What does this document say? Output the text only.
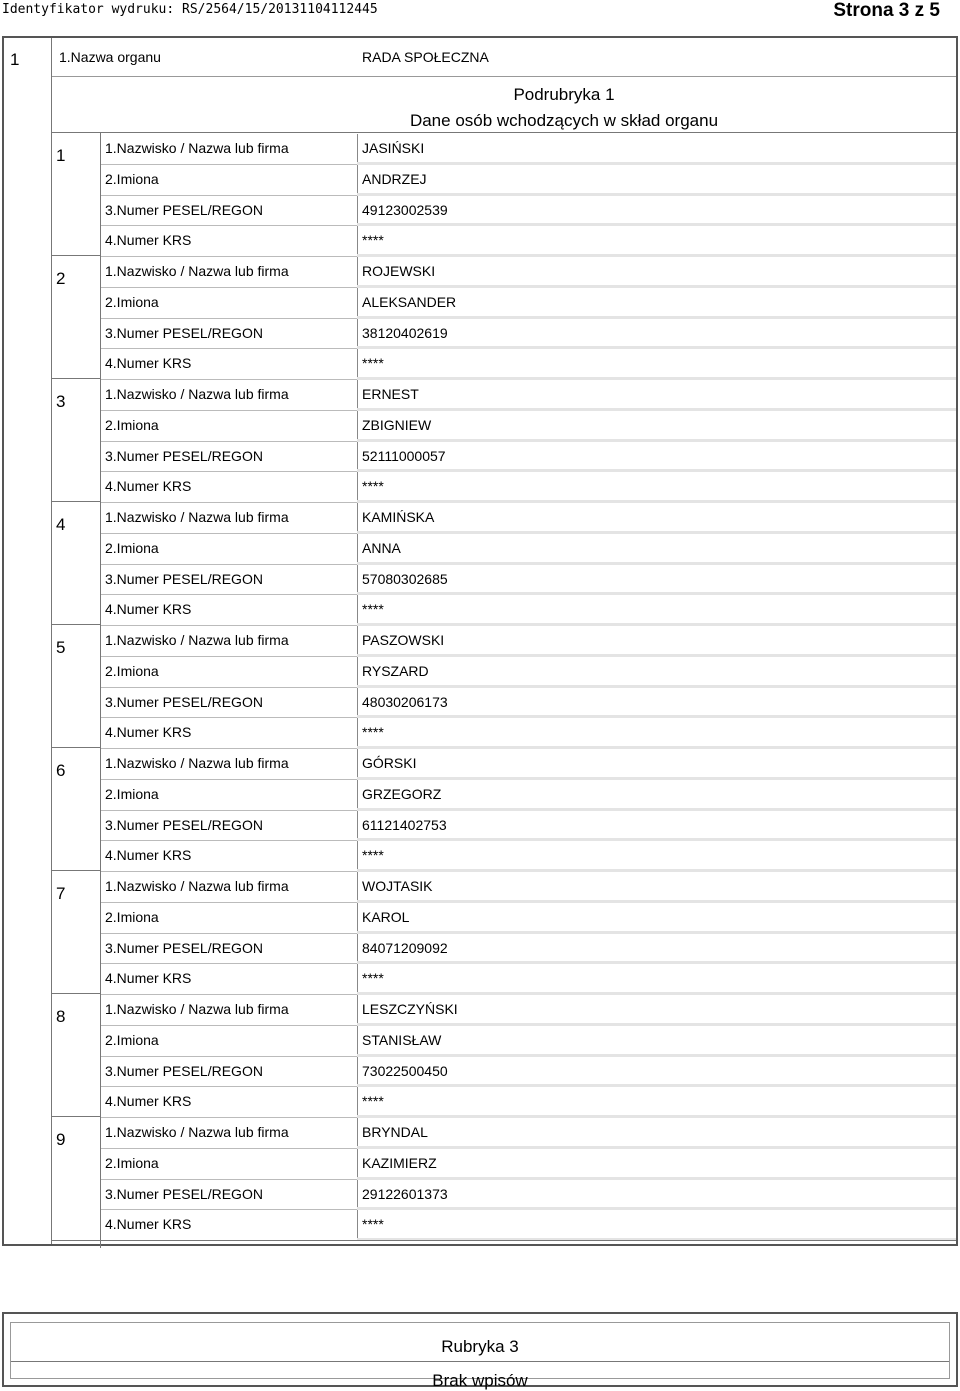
Identyfikator wydruku: RS/2564/15/20131104112445	Strona 3 z 5
1	1.Nazwa organu	RADA SPOŁECZNA
Podrubryka 1
Dane osób wchodzących w skład organu
1	1.Nazwisko / Nazwa lub firma	JASIŃSKI
2.Imiona	ANDRZEJ
3.Numer PESEL/REGON	49123002539
4.Numer KRS	****
2	1.Nazwisko / Nazwa lub firma	ROJEWSKI
2.Imiona	ALEKSANDER
3.Numer PESEL/REGON	38120402619
4.Numer KRS	****
3	1.Nazwisko / Nazwa lub firma	ERNEST
2.Imiona	ZBIGNIEW
3.Numer PESEL/REGON	52111000057
4.Numer KRS	****
4	1.Nazwisko / Nazwa lub firma	KAMIŃSKA
2.Imiona	ANNA
3.Numer PESEL/REGON	57080302685
4.Numer KRS	****
5	1.Nazwisko / Nazwa lub firma	PASZOWSKI
2.Imiona	RYSZARD
3.Numer PESEL/REGON	48030206173
4.Numer KRS	****
6	1.Nazwisko / Nazwa lub firma	GÓRSKI
2.Imiona	GRZEGORZ
3.Numer PESEL/REGON	61121402753
4.Numer KRS	****
7	1.Nazwisko / Nazwa lub firma	WOJTASIK
2.Imiona	KAROL
3.Numer PESEL/REGON	84071209092
4.Numer KRS	****
8	1.Nazwisko / Nazwa lub firma	LESZCZYŃSKI
2.Imiona	STANISŁAW
3.Numer PESEL/REGON	73022500450
4.Numer KRS	****
9	1.Nazwisko / Nazwa lub firma	BRYNDAL
2.Imiona	KAZIMIERZ
3.Numer PESEL/REGON	29122601373
4.Numer KRS	****
Rubryka 3
Brak wpisów
